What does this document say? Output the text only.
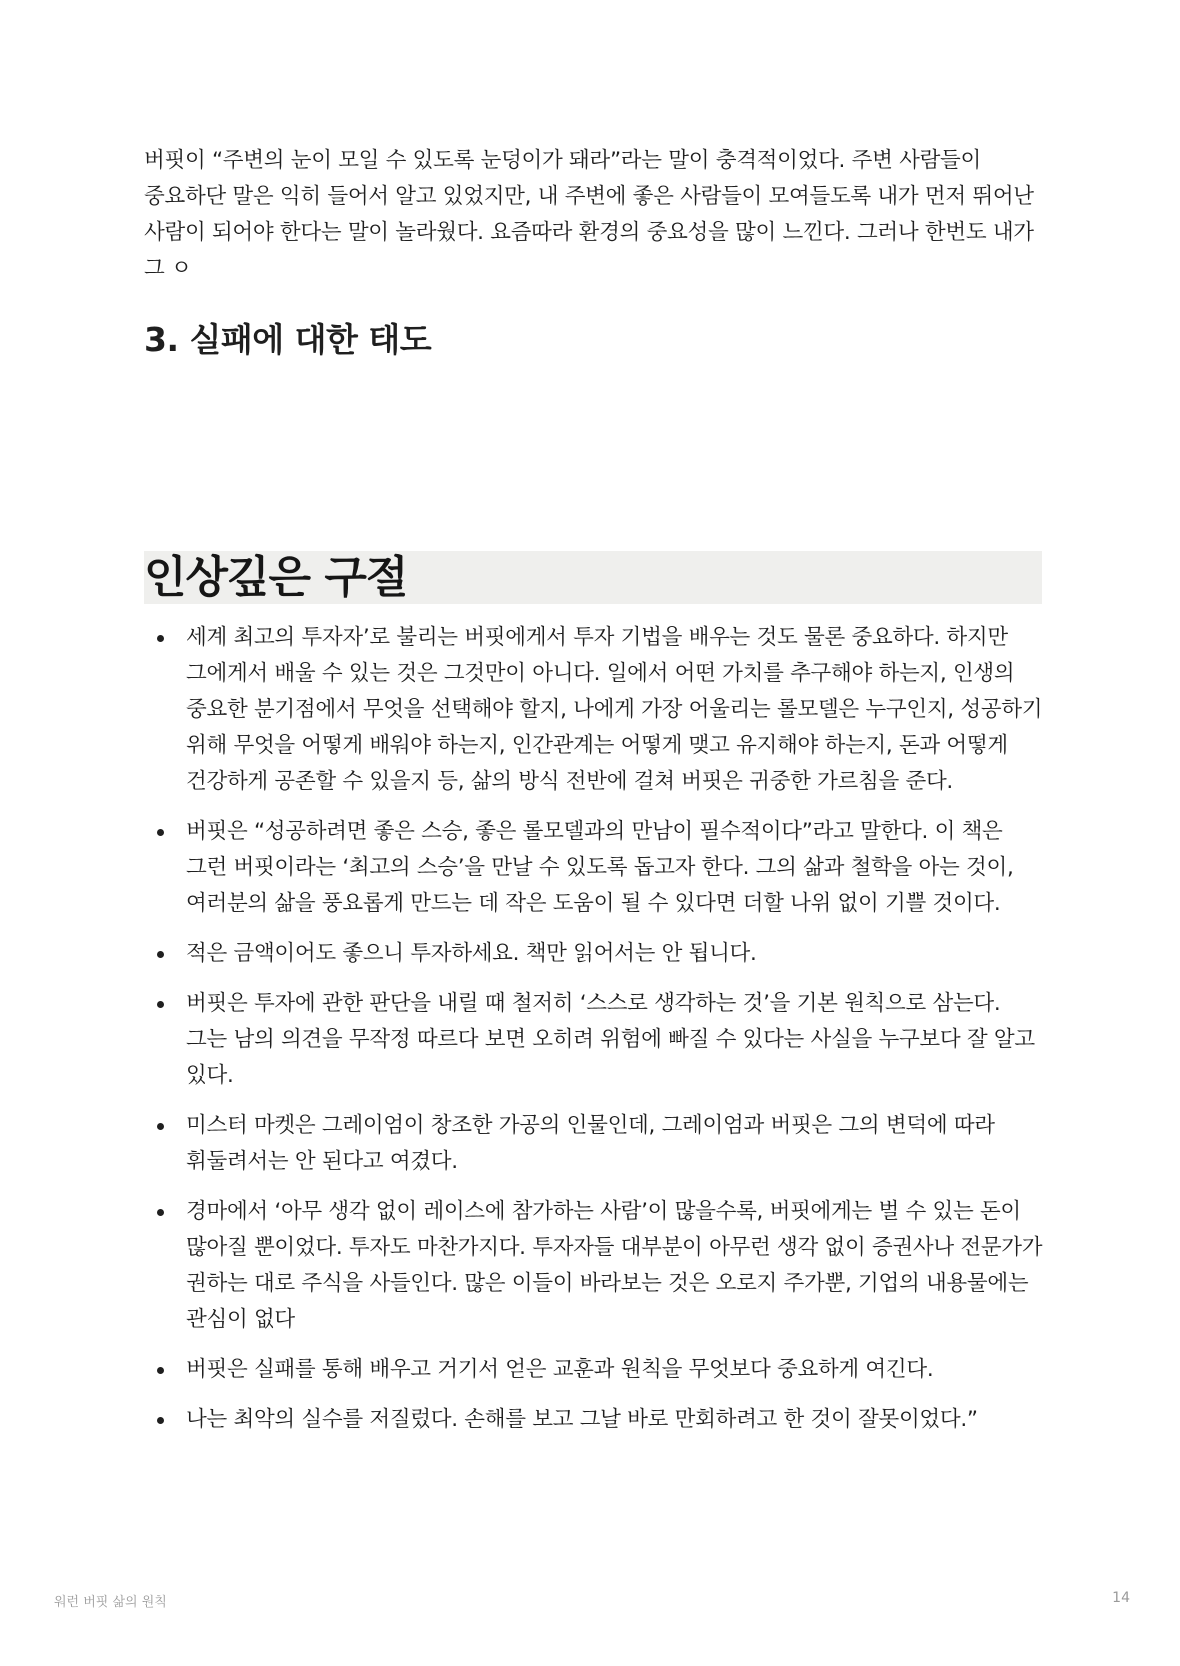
버핏이 “주변의 눈이 모일 수 있도록 눈덩이가 돼라”라는 말이 충격적이었다. 주변 사람들이 중요하단 말은 익히 들어서 알고 있었지만, 내 주변에 좋은 사람들이 모여들도록 내가 먼저 뛰어난 사람이 되어야 한다는 말이 놀라웠다. 요즘따라 환경의 중요성을 많이 느낀다. 그러나 한번도 내가 그 ㅇ

3. 실패에 대한 태도
인상깊은 구절
세계 최고의 투자자’로 불리는 버핏에게서 투자 기법을 배우는 것도 물론 중요하다. 하지만 그에게서 배울 수 있는 것은 그것만이 아니다. 일에서 어떤 가치를 추구해야 하는지, 인생의 중요한 분기점에서 무엇을 선택해야 할지, 나에게 가장 어울리는 롤모델은 누구인지, 성공하기 위해 무엇을 어떻게 배워야 하는지, 인간관계는 어떻게 맺고 유지해야 하는지, 돈과 어떻게 건강하게 공존할 수 있을지 등, 삶의 방식 전반에 걸쳐 버핏은 귀중한 가르침을 준다.
버핏은 “성공하려면 좋은 스승, 좋은 롤모델과의 만남이 필수적이다”라고 말한다. 이 책은 그런 버핏이라는 ‘최고의 스승’을 만날 수 있도록 돕고자 한다. 그의 삶과 철학을 아는 것이, 여러분의 삶을 풍요롭게 만드는 데 작은 도움이 될 수 있다면 더할 나위 없이 기쁠 것이다.
적은 금액이어도 좋으니 투자하세요. 책만 읽어서는 안 됩니다.
버핏은 투자에 관한 판단을 내릴 때 철저히 ‘스스로 생각하는 것’을 기본 원칙으로 삼는다. 그는 남의 의견을 무작정 따르다 보면 오히려 위험에 빠질 수 있다는 사실을 누구보다 잘 알고 있다.
미스터 마켓은 그레이엄이 창조한 가공의 인물인데, 그레이엄과 버핏은 그의 변덕에 따라 휘둘려서는 안 된다고 여겼다.
경마에서 ‘아무 생각 없이 레이스에 참가하는 사람’이 많을수록, 버핏에게는 벌 수 있는 돈이 많아질 뿐이었다. 투자도 마찬가지다. 투자자들 대부분이 아무런 생각 없이 증권사나 전문가가 권하는 대로 주식을 사들인다. 많은 이들이 바라보는 것은 오로지 주가뿐, 기업의 내용물에는 관심이 없다
버핏은 실패를 통해 배우고 거기서 얻은 교훈과 원칙을 무엇보다 중요하게 여긴다.
나는 최악의 실수를 저질렀다. 손해를 보고 그날 바로 만회하려고 한 것이 잘못이었다.”
워런 버핏 삶의 원칙	14
